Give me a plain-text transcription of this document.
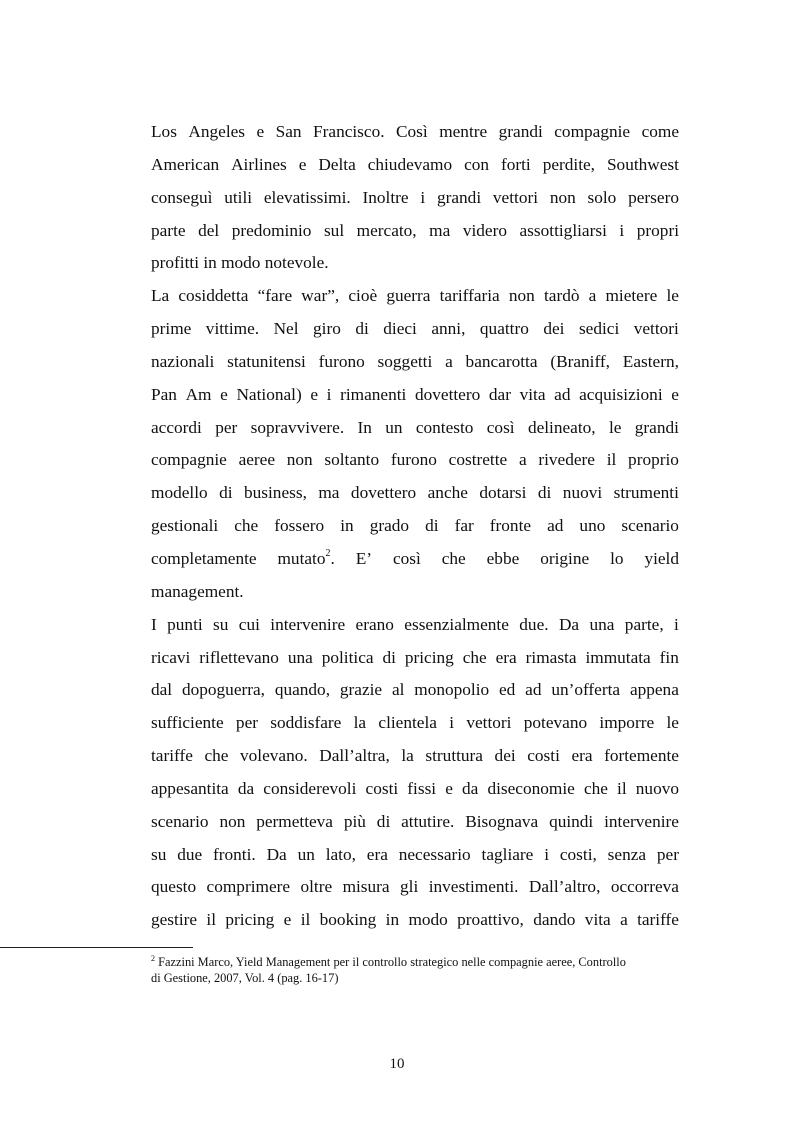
Los Angeles e San Francisco. Così mentre grandi compagnie come
American Airlines e Delta chiudevamo con forti perdite, Southwest
conseguì utili elevatissimi. Inoltre i grandi vettori non solo persero
parte del predominio sul mercato, ma videro assottigliarsi i propri
profitti in modo notevole.
La cosiddetta “fare war”, cioè guerra tariffaria non tardò a mietere le
prime vittime. Nel giro di dieci anni, quattro dei sedici vettori
nazionali statunitensi furono soggetti a bancarotta (Braniff, Eastern,
Pan Am e National) e i rimanenti dovettero dar vita ad acquisizioni e
accordi per sopravvivere. In un contesto così delineato, le grandi
compagnie aeree non soltanto furono costrette a rivedere il proprio
modello di business, ma dovettero anche dotarsi di nuovi strumenti
gestionali che fossero in grado di far fronte ad uno scenario
completamente mutato$^2$. E’ così che ebbe origine lo yield
management.
I punti su cui intervenire erano essenzialmente due. Da una parte, i
ricavi riflettevano una politica di pricing che era rimasta immutata fin
dal dopoguerra, quando, grazie al monopolio ed ad un’offerta appena
sufficiente per soddisfare la clientela i vettori potevano imporre le
tariffe che volevano. Dall’altra, la struttura dei costi era fortemente
appesantita da considerevoli costi fissi e da diseconomie che il nuovo
scenario non permetteva più di attutire. Bisognava quindi intervenire
su due fronti. Da un lato, era necessario tagliare i costi, senza per
questo comprimere oltre misura gli investimenti. Dall’altro, occorreva
gestire il pricing e il booking in modo proattivo, dando vita a tariffe
$^2$ Fazzini Marco, Yield Management per il controllo strategico nelle compagnie aeree, Controllo
di Gestione, 2007, Vol. 4 (pag. 16-17)
10
